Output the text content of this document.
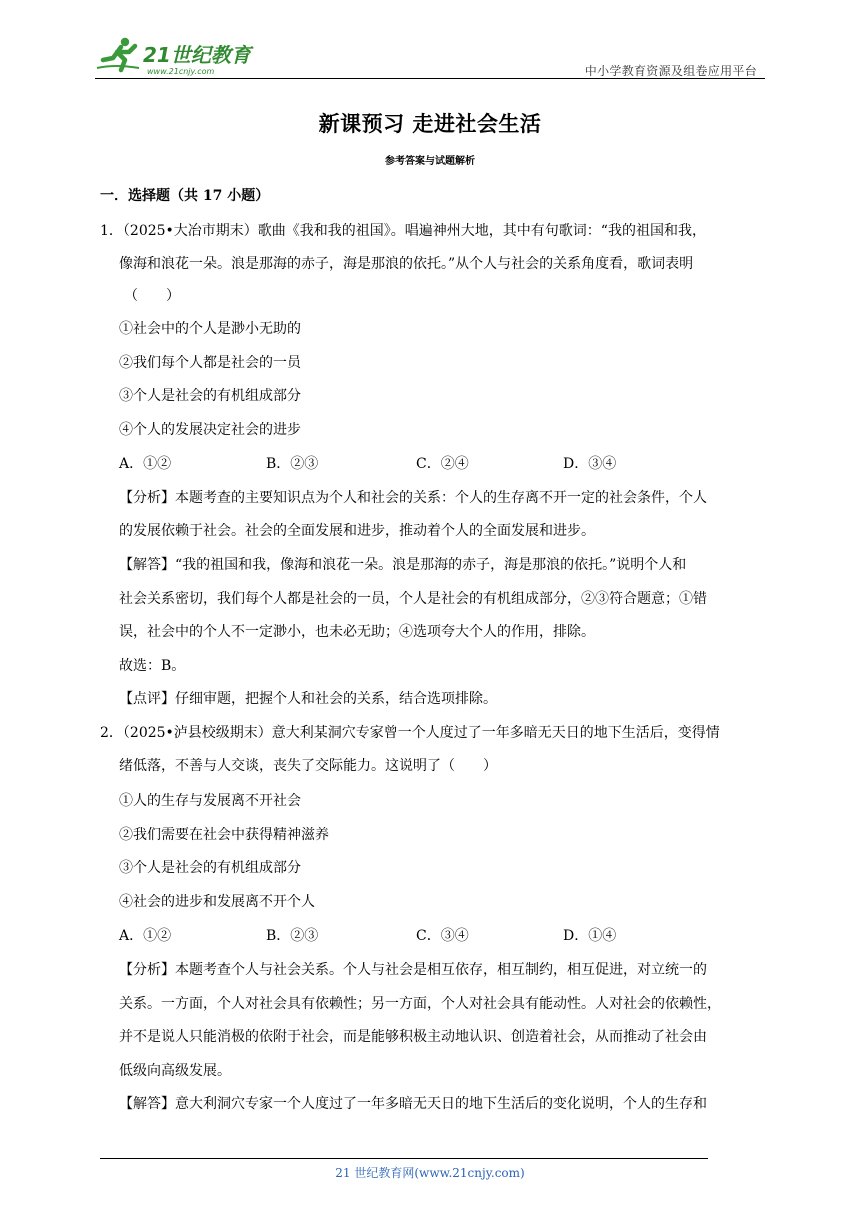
21世纪教育
www.21cnjy.com	中小学教育资源及组卷应用平台
新课预习 走进社会生活
参考答案与试题解析
一．选择题（共 17 小题）
1．（2025•大冶市期末）歌曲《我和我的祖国》。唱遍神州大地，其中有句歌词：“我的祖国和我，
像海和浪花一朵。浪是那海的赤子，海是那浪的依托。”从个人与社会的关系角度看，歌词表明
（　　）
①社会中的个人是渺小无助的
②我们每个人都是社会的一员
③个人是社会的有机组成部分
④个人的发展决定社会的进步
A．①②	B．②③	C．②④	D．③④
【分析】本题考查的主要知识点为个人和社会的关系：个人的生存离不开一定的社会条件，个人
的发展依赖于社会。社会的全面发展和进步，推动着个人的全面发展和进步。
【解答】“我的祖国和我，像海和浪花一朵。浪是那海的赤子，海是那浪的依托。”说明个人和
社会关系密切，我们每个人都是社会的一员，个人是社会的有机组成部分，②③符合题意；①错
误，社会中的个人不一定渺小，也未必无助；④选项夸大个人的作用，排除。
故选：B。
【点评】仔细审题，把握个人和社会的关系，结合选项排除。
2．（2025•泸县校级期末）意大利某洞穴专家曾一个人度过了一年多暗无天日的地下生活后，变得情
绪低落，不善与人交谈，丧失了交际能力。这说明了（　　）
①人的生存与发展离不开社会
②我们需要在社会中获得精神滋养
③个人是社会的有机组成部分
④社会的进步和发展离不开个人
A．①②	B．②③	C．③④	D．①④
【分析】本题考查个人与社会关系。个人与社会是相互依存，相互制约，相互促进，对立统一的
关系。一方面，个人对社会具有依赖性；另一方面，个人对社会具有能动性。人对社会的依赖性，
并不是说人只能消极的依附于社会，而是能够积极主动地认识、创造着社会，从而推动了社会由
低级向高级发展。
【解答】意大利洞穴专家一个人度过了一年多暗无天日的地下生活后的变化说明，个人的生存和
21 世纪教育网(www.21cnjy.com)
